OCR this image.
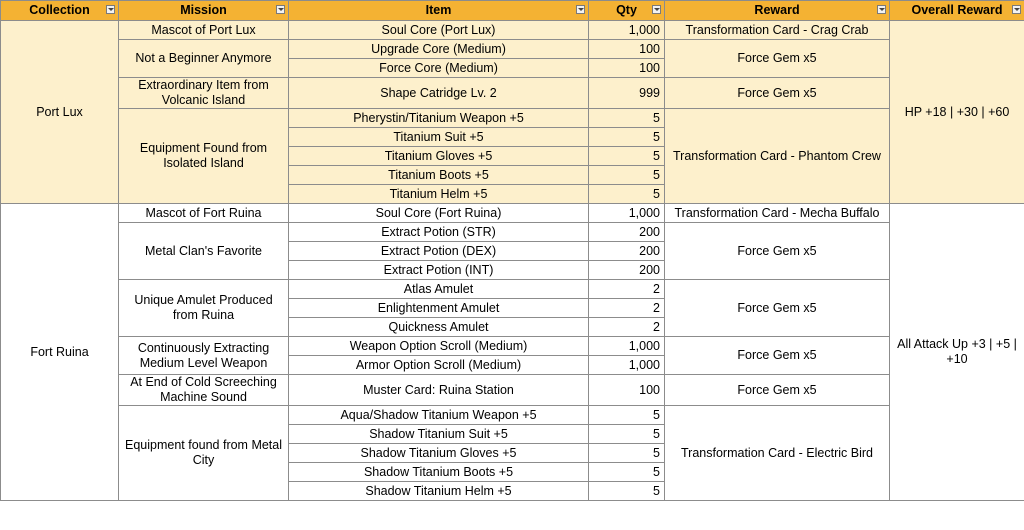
Collection	Mission	Item	Qty	Reward	Overall Reward

Port Lux	Mascot of Port Lux	Soul Core (Port Lux)	1,000	Transformation Card - Crag Crab	HP +18 | +30 | +60
	Not a Beginner Anymore	Upgrade Core (Medium)	100	Force Gem x5	
		Force Core (Medium)	100		
	Extraordinary Item from Volcanic Island	Shape Catridge Lv. 2	999	Force Gem x5	
	Equipment Found from Isolated Island	Pherystin/Titanium Weapon +5	5	Transformation Card - Phantom Crew	
		Titanium Suit +5	5		
		Titanium Gloves +5	5		
		Titanium Boots +5	5		
		Titanium Helm +5	5		
Fort Ruina	Mascot of Fort Ruina	Soul Core (Fort Ruina)	1,000	Transformation Card - Mecha Buffalo	All Attack Up +3 | +5 | +10
	Metal Clan's Favorite	Extract Potion (STR)	200	Force Gem x5	
		Extract Potion (DEX)	200		
		Extract Potion (INT)	200		
	Unique Amulet Produced from Ruina	Atlas Amulet	2	Force Gem x5	
		Enlightenment Amulet	2		
		Quickness Amulet	2		
	Continuously Extracting Medium Level Weapon	Weapon Option Scroll (Medium)	1,000	Force Gem x5	
		Armor Option Scroll (Medium)	1,000		
	At End of Cold Screeching Machine Sound	Muster Card: Ruina Station	100	Force Gem x5	
	Equipment found from Metal City	Aqua/Shadow Titanium Weapon +5	5	Transformation Card - Electric Bird	
		Shadow Titanium Suit +5	5		
		Shadow Titanium Gloves +5	5		
		Shadow Titanium Boots +5	5		
		Shadow Titanium Helm +5	5		
